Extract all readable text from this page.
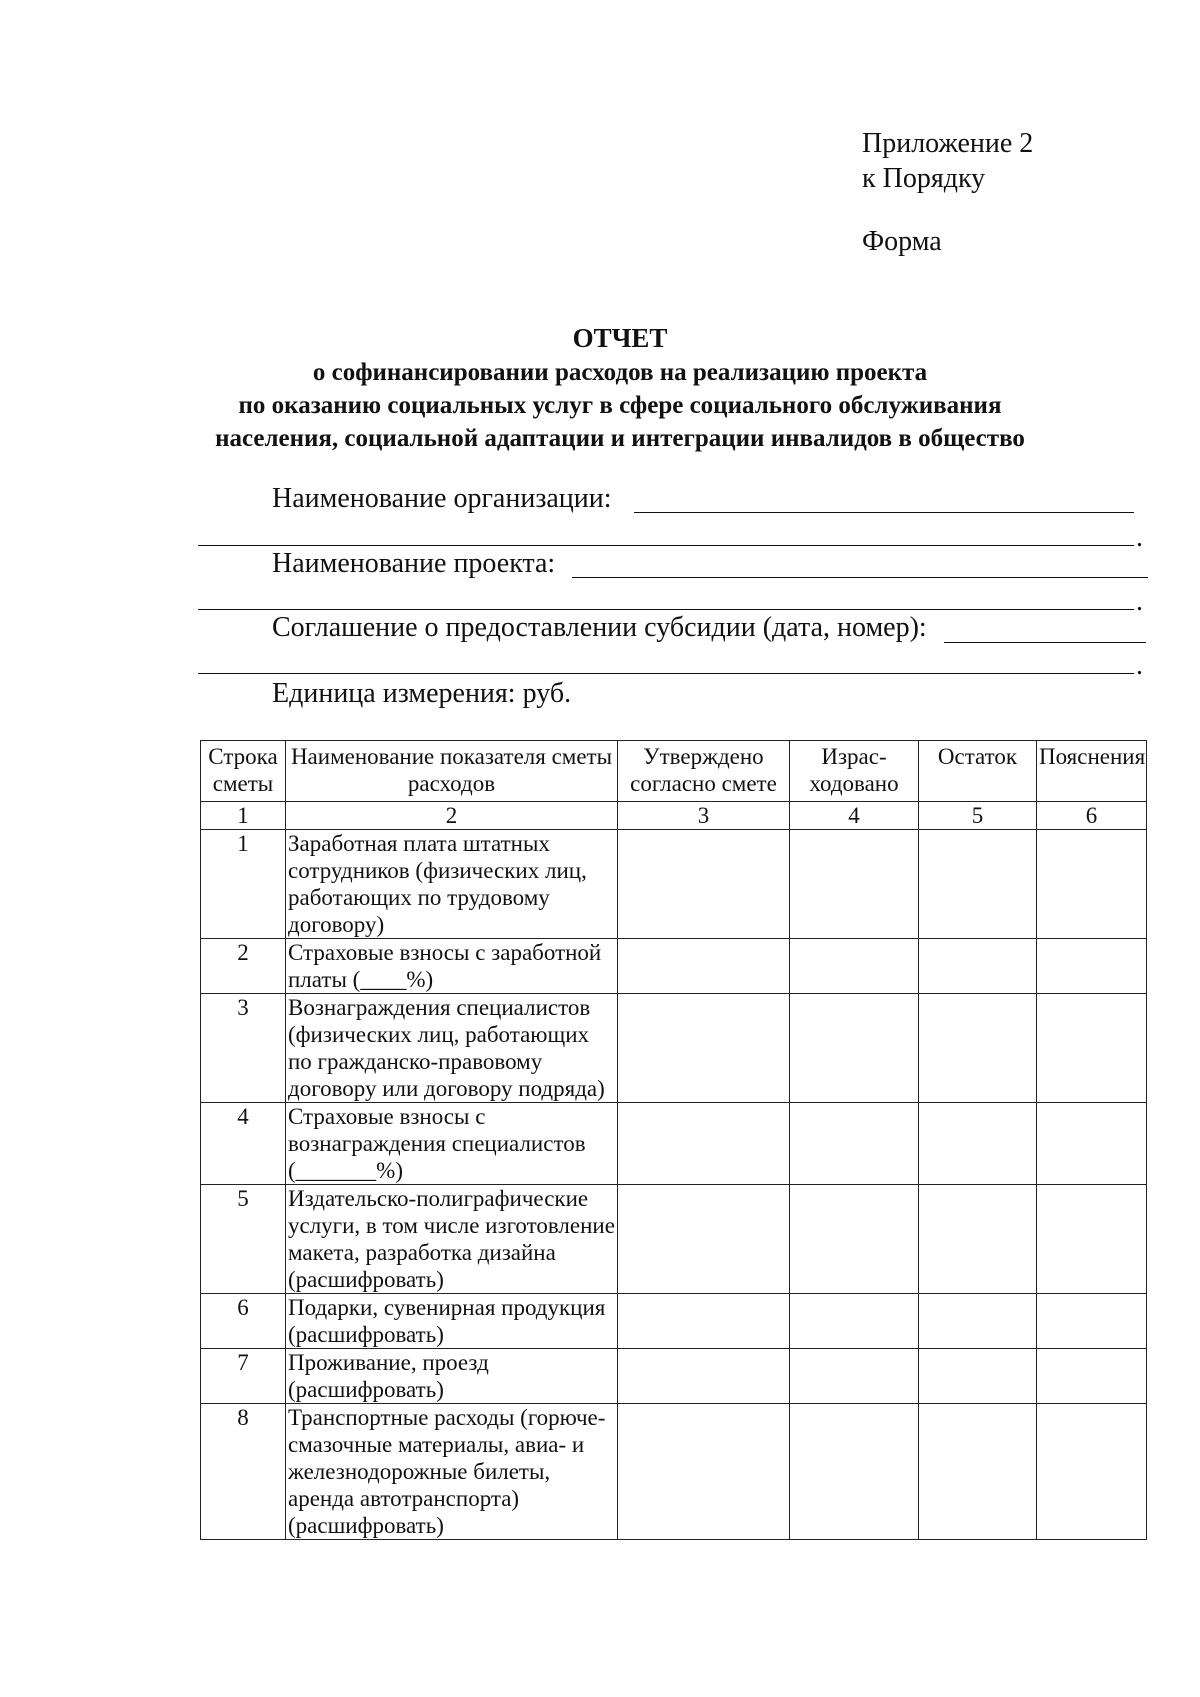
Приложение 2
к Порядку
Форма
ОТЧЕТ
о софинансировании расходов на реализацию проекта
по оказанию социальных услуг в сфере социального обслуживания
населения, социальной адаптации и интеграции инвалидов в общество
Наименование организации:
.
Наименование проекта:
.
Соглашение о предоставлении субсидии (дата, номер):
.
Единица измерения: руб.
Строка сметы	Наименование показателя сметы расходов	Утверждено согласно смете	Израс-ходовано	Остаток	Пояснения
1	2	3	4	5	6
1	Заработная плата штатных сотрудников (физических лиц, работающих по трудовому договору)				
2	Страховые взносы с заработной платы (____%)				
3	Вознаграждения специалистов (физических лиц, работающих по гражданско-правовому договору или договору подряда)				
4	Страховые взносы с вознаграждения специалистов (_______%)				
5	Издательско-полиграфические услуги, в том числе изготовление макета, разработка дизайна (расшифровать)				
6	Подарки, сувенирная продукция (расшифровать)				
7	Проживание, проезд (расшифровать)				
8	Транспортные расходы (горюче-смазочные материалы, авиа- и железнодорожные билеты, аренда автотранспорта) (расшифровать)				
